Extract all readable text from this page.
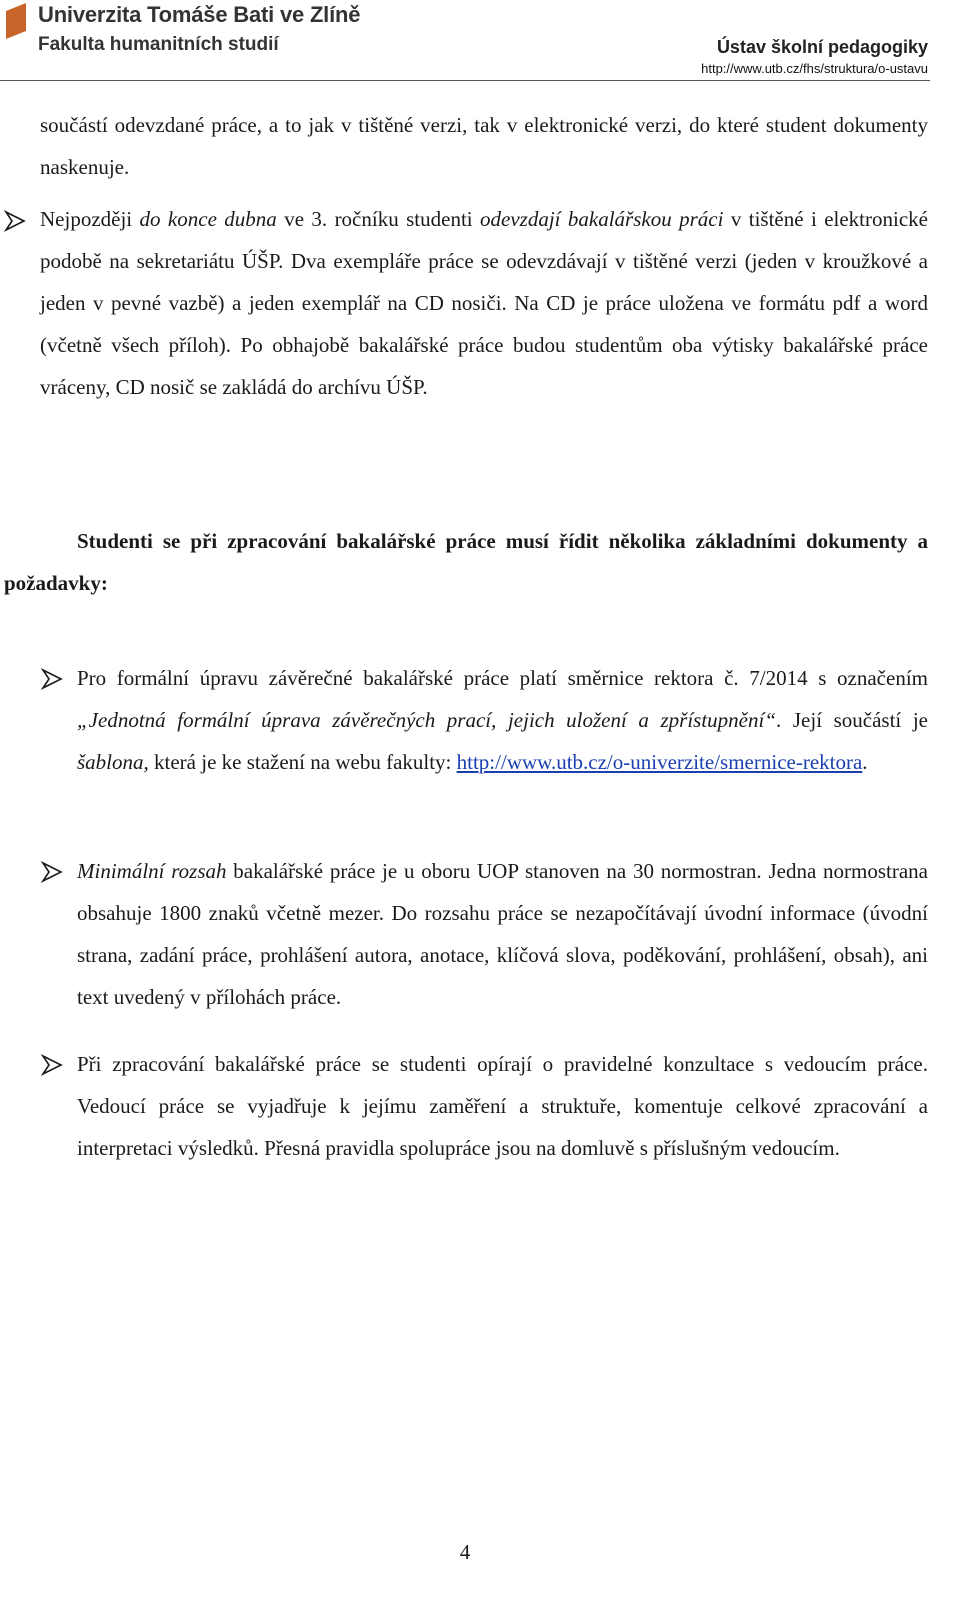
Univerzita Tomáše Bati ve Zlíně
Fakulta humanitních studií	Ústav školní pedagogiky
http://www.utb.cz/fhs/struktura/o-ustavu
součástí odevzdané práce, a to jak v tištěné verzi, tak v elektronické verzi, do které student dokumenty naskenuje.
Nejpozději do konce dubna ve 3. ročníku studenti odevzdají bakalářskou práci v tištěné i elektronické podobě na sekretariátu ÚŠP. Dva exempláře práce se odevzdávají v tištěné verzi (jeden v kroužkové a jeden v pevné vazbě) a jeden exemplář na CD nosiči. Na CD je práce uložena ve formátu pdf a word (včetně všech příloh). Po obhajobě bakalářské práce budou studentům oba výtisky bakalářské práce vráceny, CD nosič se zakládá do archívu ÚŠP.
Studenti se při zpracování bakalářské práce musí řídit několika základními dokumenty a požadavky:
Pro formální úpravu závěrečné bakalářské práce platí směrnice rektora č. 7/2014 s označením „Jednotná formální úprava závěrečných prací, jejich uložení a zpřístupnění“. Její součástí je šablona, která je ke stažení na webu fakulty: http://www.utb.cz/o-univerzite/smernice-rektora.
Minimální rozsah bakalářské práce je u oboru UOP stanoven na 30 normostran. Jedna normostrana obsahuje 1800 znaků včetně mezer. Do rozsahu práce se nezapočítávají úvodní informace (úvodní strana, zadání práce, prohlášení autora, anotace, klíčová slova, poděkování, prohlášení, obsah), ani text uvedený v přílohách práce.
Při zpracování bakalářské práce se studenti opírají o pravidelné konzultace s vedoucím práce. Vedoucí práce se vyjadřuje k jejímu zaměření a struktuře, komentuje celkové zpracování a interpretaci výsledků. Přesná pravidla spolupráce jsou na domluvě s příslušným vedoucím.
4
